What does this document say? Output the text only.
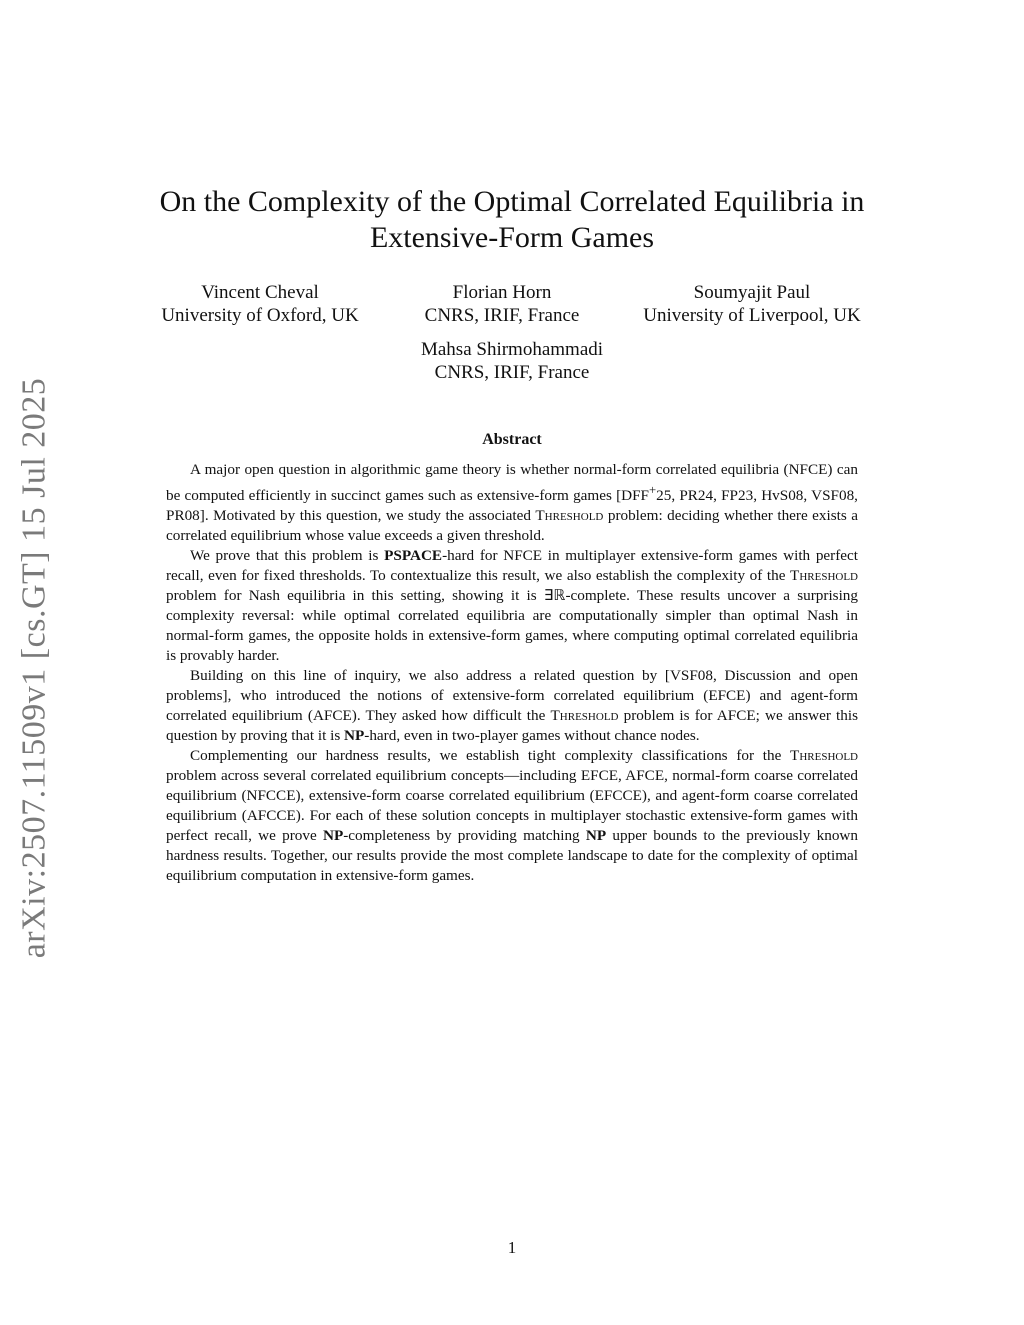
arXiv:2507.11509v1 [cs.GT] 15 Jul 2025
On the Complexity of the Optimal Correlated Equilibria in Extensive-Form Games
Vincent Cheval
University of Oxford, UK
Florian Horn
CNRS, IRIF, France
Soumyajit Paul
University of Liverpool, UK
Mahsa Shirmohammadi
CNRS, IRIF, France
Abstract

A major open question in algorithmic game theory is whether normal-form correlated equilibria (NFCE) can be computed efficiently in succinct games such as extensive-form games [DFF+25, PR24, FP23, HvS08, VSF08, PR08]. Motivated by this question, we study the associated Threshold problem: deciding whether there exists a correlated equilibrium whose value exceeds a given threshold.

We prove that this problem is PSPACE-hard for NFCE in multiplayer extensive-form games with perfect recall, even for fixed thresholds. To contextualize this result, we also establish the complexity of the Threshold problem for Nash equilibria in this setting, showing it is ∃ℝ-complete. These results uncover a surprising complexity reversal: while optimal correlated equilibria are computationally simpler than optimal Nash in normal-form games, the opposite holds in extensive-form games, where computing optimal correlated equilibria is provably harder.

Building on this line of inquiry, we also address a related question by [VSF08, Discussion and open problems], who introduced the notions of extensive-form correlated equilibrium (EFCE) and agent-form correlated equilibrium (AFCE). They asked how difficult the Threshold problem is for AFCE; we answer this question by proving that it is NP-hard, even in two-player games without chance nodes.

Complementing our hardness results, we establish tight complexity classifications for the Threshold problem across several correlated equilibrium concepts—including EFCE, AFCE, normal-form coarse correlated equilibrium (NFCCE), extensive-form coarse correlated equilibrium (EFCCE), and agent-form coarse correlated equilibrium (AFCCE). For each of these solution concepts in multiplayer stochastic extensive-form games with perfect recall, we prove NP-completeness by providing matching NP upper bounds to the previously known hardness results. Together, our results provide the most complete landscape to date for the complexity of optimal equilibrium computation in extensive-form games.

1
